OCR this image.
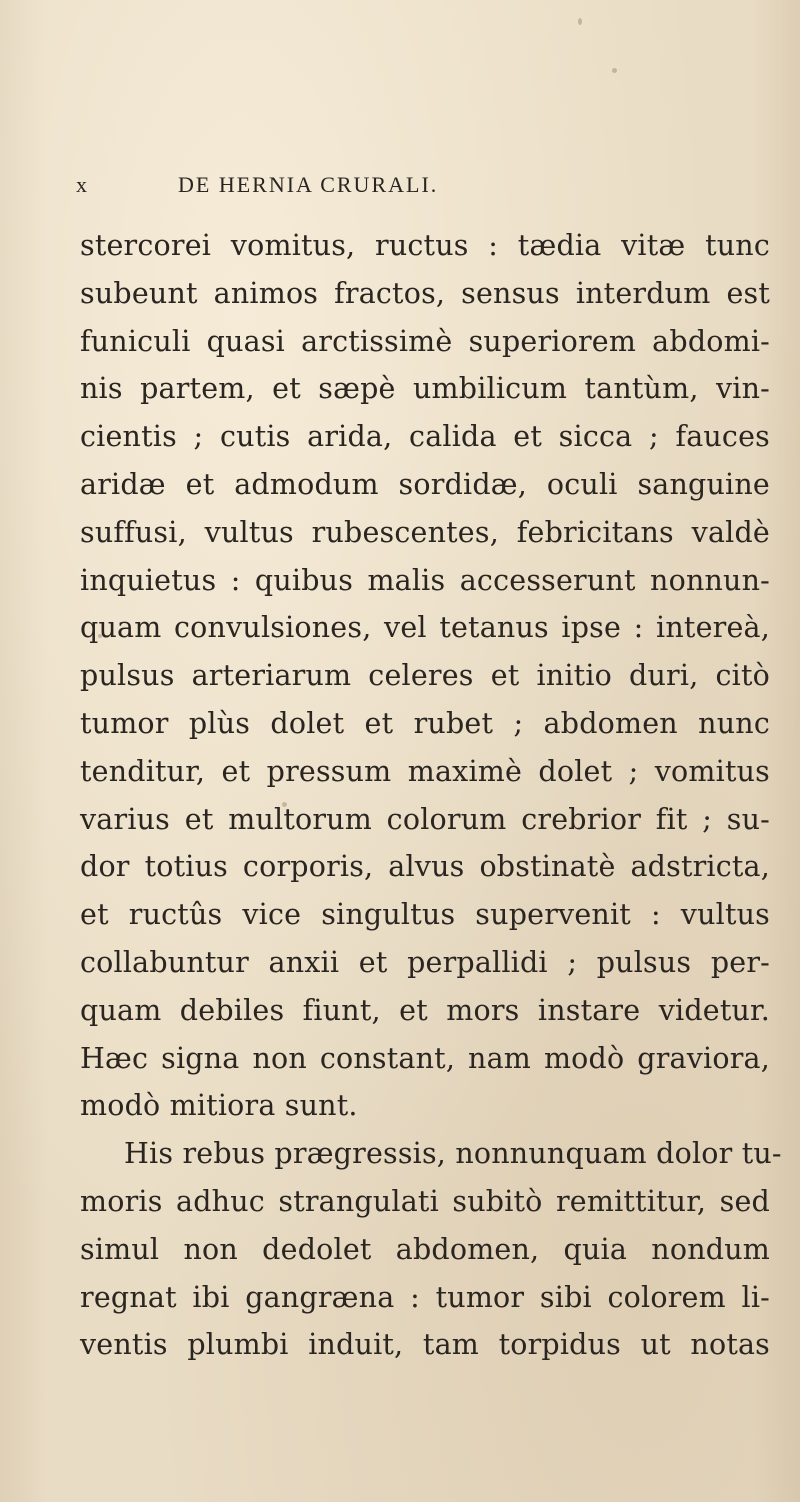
x	DE HERNIA CRURALI.
stercorei vomitus, ructus : tædia vitæ tunc
subeunt animos fractos, sensus interdum est
funiculi quasi arctissimè superiorem abdomi-
nis partem, et sæpè umbilicum tantùm, vin-
cientis ; cutis arida, calida et sicca ; fauces
aridæ et admodum sordidæ, oculi sanguine
suffusi, vultus rubescentes, febricitans valdè
inquietus : quibus malis accesserunt nonnun-
quam convulsiones, vel tetanus ipse : intereà,
pulsus arteriarum celeres et initio duri, citò
tumor plùs dolet et rubet ; abdomen nunc
tenditur, et pressum maximè dolet ; vomitus
varius et multorum colorum crebrior fit ; su-
dor totius corporis, alvus obstinatè adstricta,
et ructûs vice singultus supervenit : vultus
collabuntur anxii et perpallidi ; pulsus per-
quam debiles fiunt, et mors instare videtur.
Hæc signa non constant, nam modò graviora,
modò mitiora sunt.
His rebus prægressis, nonnunquam dolor tu-
moris adhuc strangulati subitò remittitur, sed
simul non dedolet abdomen, quia nondum
regnat ibi gangræna : tumor sibi colorem li-
ventis plumbi induit, tam torpidus ut notas
